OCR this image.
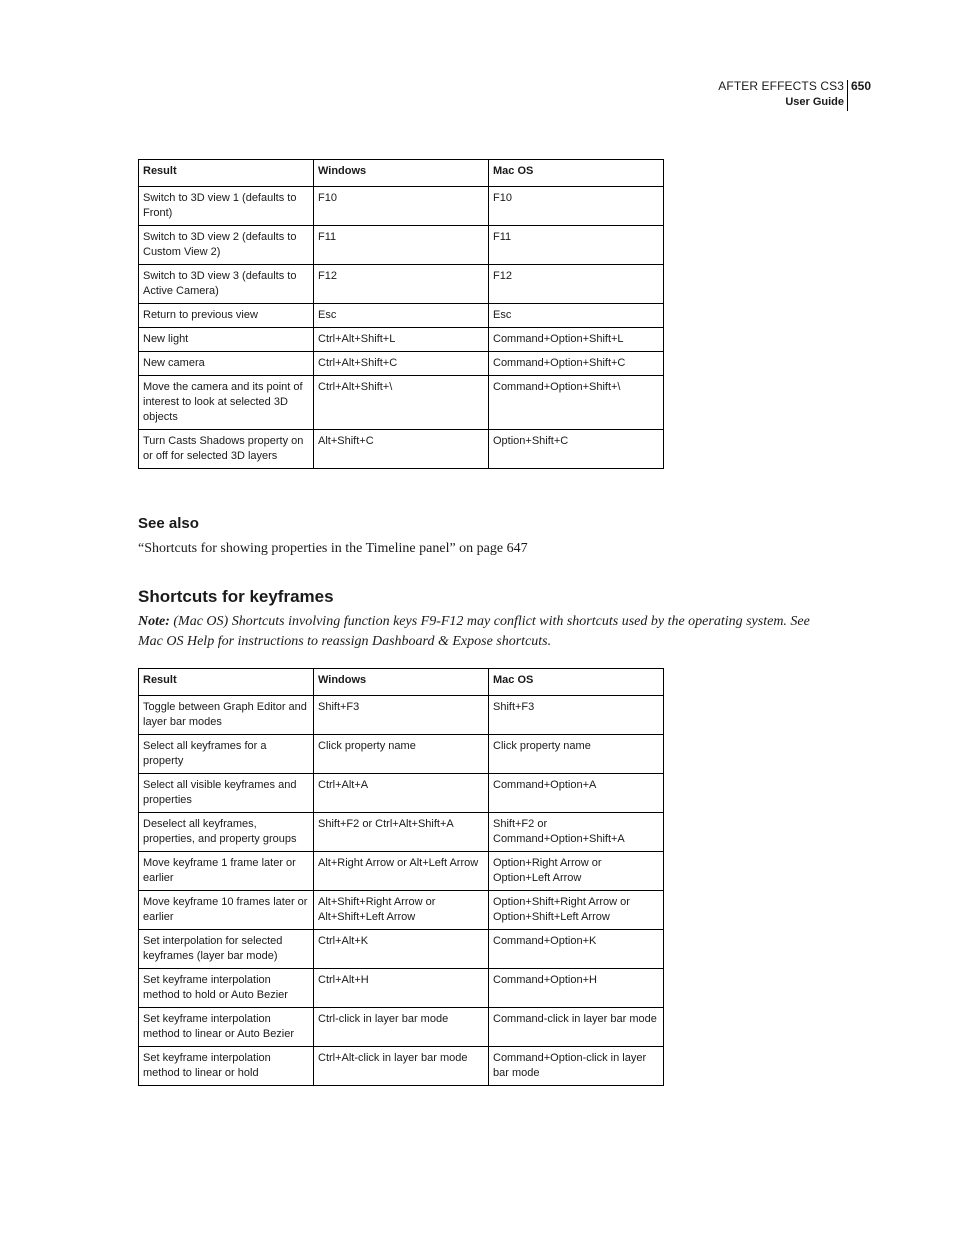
AFTER EFFECTS CS3
User Guide
650
Result	Windows	Mac OS
Switch to 3D view 1 (defaults to Front)	F10	F10
Switch to 3D view 2 (defaults to Custom View 2)	F11	F11
Switch to 3D view 3 (defaults to Active Camera)	F12	F12
Return to previous view	Esc	Esc
New light	Ctrl+Alt+Shift+L	Command+Option+Shift+L
New camera	Ctrl+Alt+Shift+C	Command+Option+Shift+C
Move the camera and its point of interest to look at selected 3D objects	Ctrl+Alt+Shift+\	Command+Option+Shift+\
Turn Casts Shadows property on or off for selected 3D layers	Alt+Shift+C	Option+Shift+C
See also
“Shortcuts for showing properties in the Timeline panel” on page 647
Shortcuts for keyframes
Note: (Mac OS) Shortcuts involving function keys F9-F12 may conflict with shortcuts used by the operating system. See Mac OS Help for instructions to reassign Dashboard & Expose shortcuts.
Result	Windows	Mac OS
Toggle between Graph Editor and layer bar modes	Shift+F3	Shift+F3
Select all keyframes for a property	Click property name	Click property name
Select all visible keyframes and properties	Ctrl+Alt+A	Command+Option+A
Deselect all keyframes, properties, and property groups	Shift+F2 or Ctrl+Alt+Shift+A	Shift+F2 or Command+Option+Shift+A
Move keyframe 1 frame later or earlier	Alt+Right Arrow or Alt+Left Arrow	Option+Right Arrow or Option+Left Arrow
Move keyframe 10 frames later or earlier	Alt+Shift+Right Arrow or Alt+Shift+Left Arrow	Option+Shift+Right Arrow or Option+Shift+Left Arrow
Set interpolation for selected keyframes (layer bar mode)	Ctrl+Alt+K	Command+Option+K
Set keyframe interpolation method to hold or Auto Bezier	Ctrl+Alt+H	Command+Option+H
Set keyframe interpolation method to linear or Auto Bezier	Ctrl-click in layer bar mode	Command-click in layer bar mode
Set keyframe interpolation method to linear or hold	Ctrl+Alt-click in layer bar mode	Command+Option-click in layer bar mode
